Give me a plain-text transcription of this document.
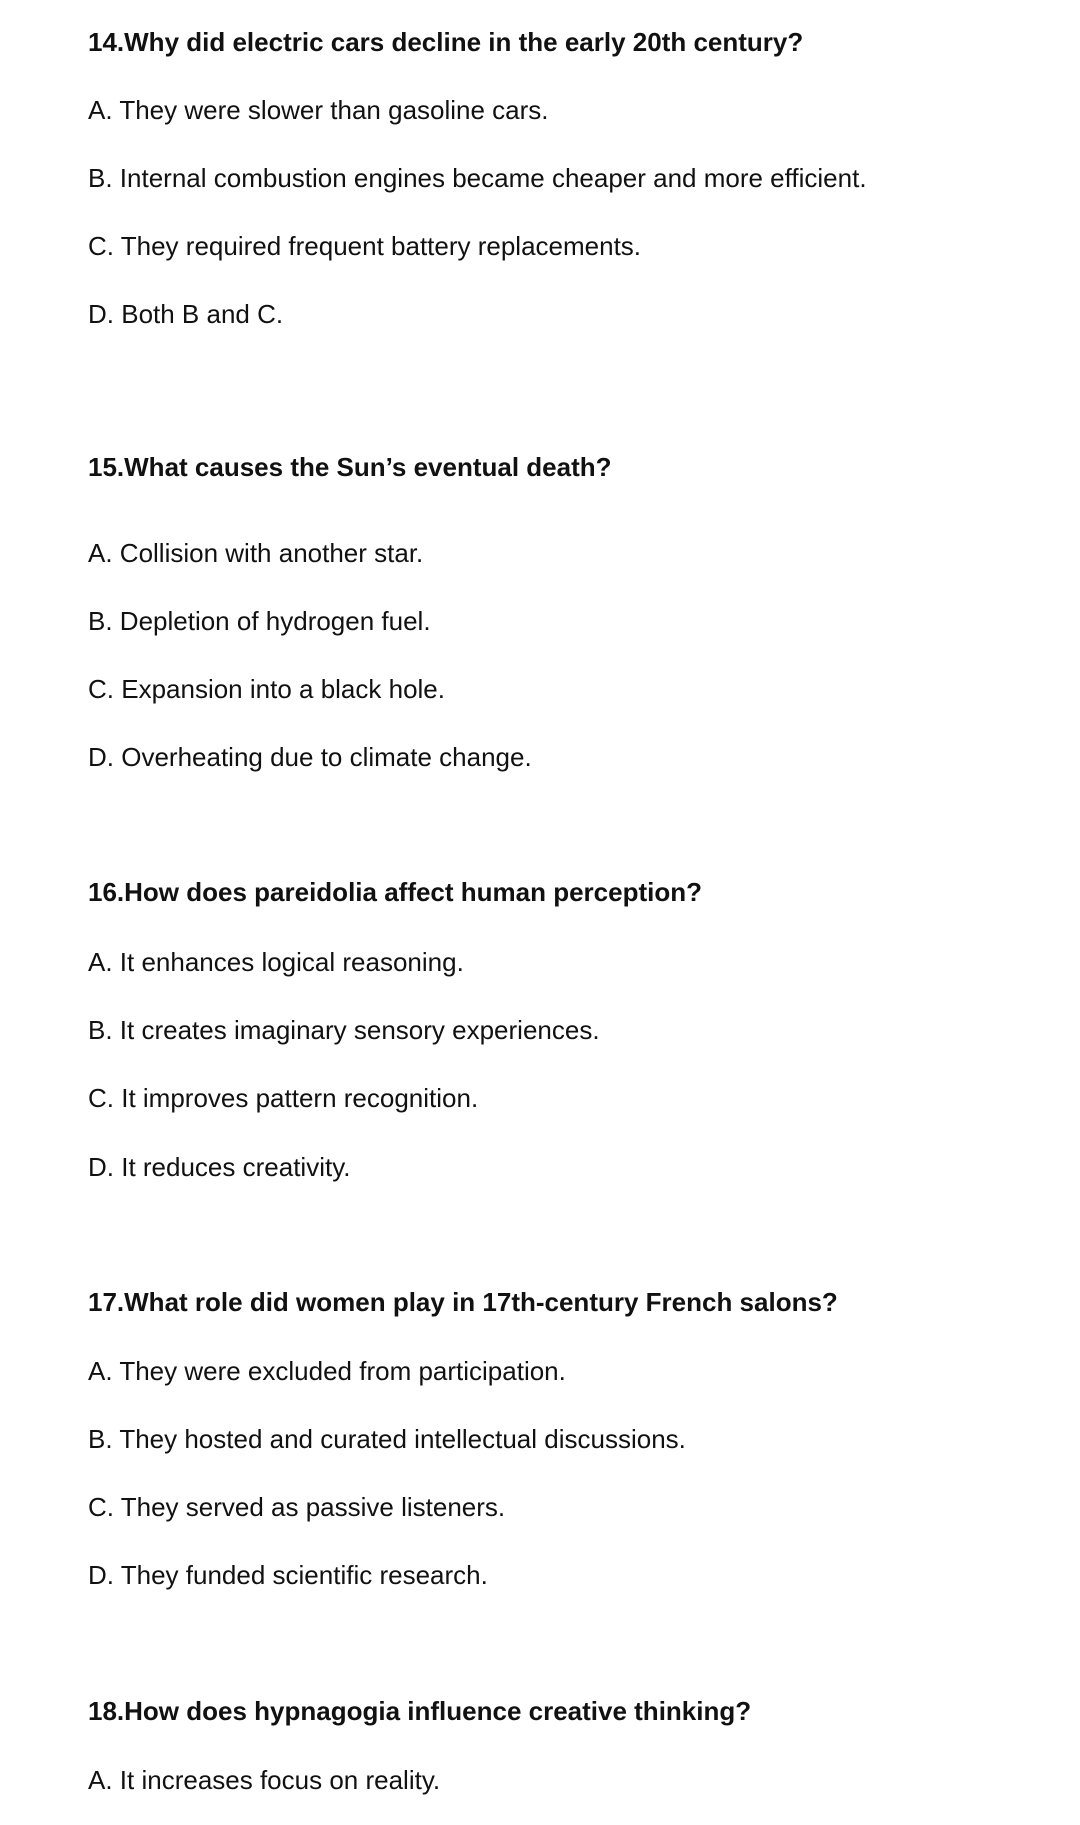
14.Why did electric cars decline in the early 20th century?
A. They were slower than gasoline cars.
B. Internal combustion engines became cheaper and more efficient.
C. They required frequent battery replacements.
D. Both B and C.
15.What causes the Sun’s eventual death?
A. Collision with another star.
B. Depletion of hydrogen fuel.
C. Expansion into a black hole.
D. Overheating due to climate change.
16.How does pareidolia affect human perception?
A. It enhances logical reasoning.
B. It creates imaginary sensory experiences.
C. It improves pattern recognition.
D. It reduces creativity.
17.What role did women play in 17th-century French salons?
A. They were excluded from participation.
B. They hosted and curated intellectual discussions.
C. They served as passive listeners.
D. They funded scientific research.
18.How does hypnagogia influence creative thinking?
A. It increases focus on reality.
